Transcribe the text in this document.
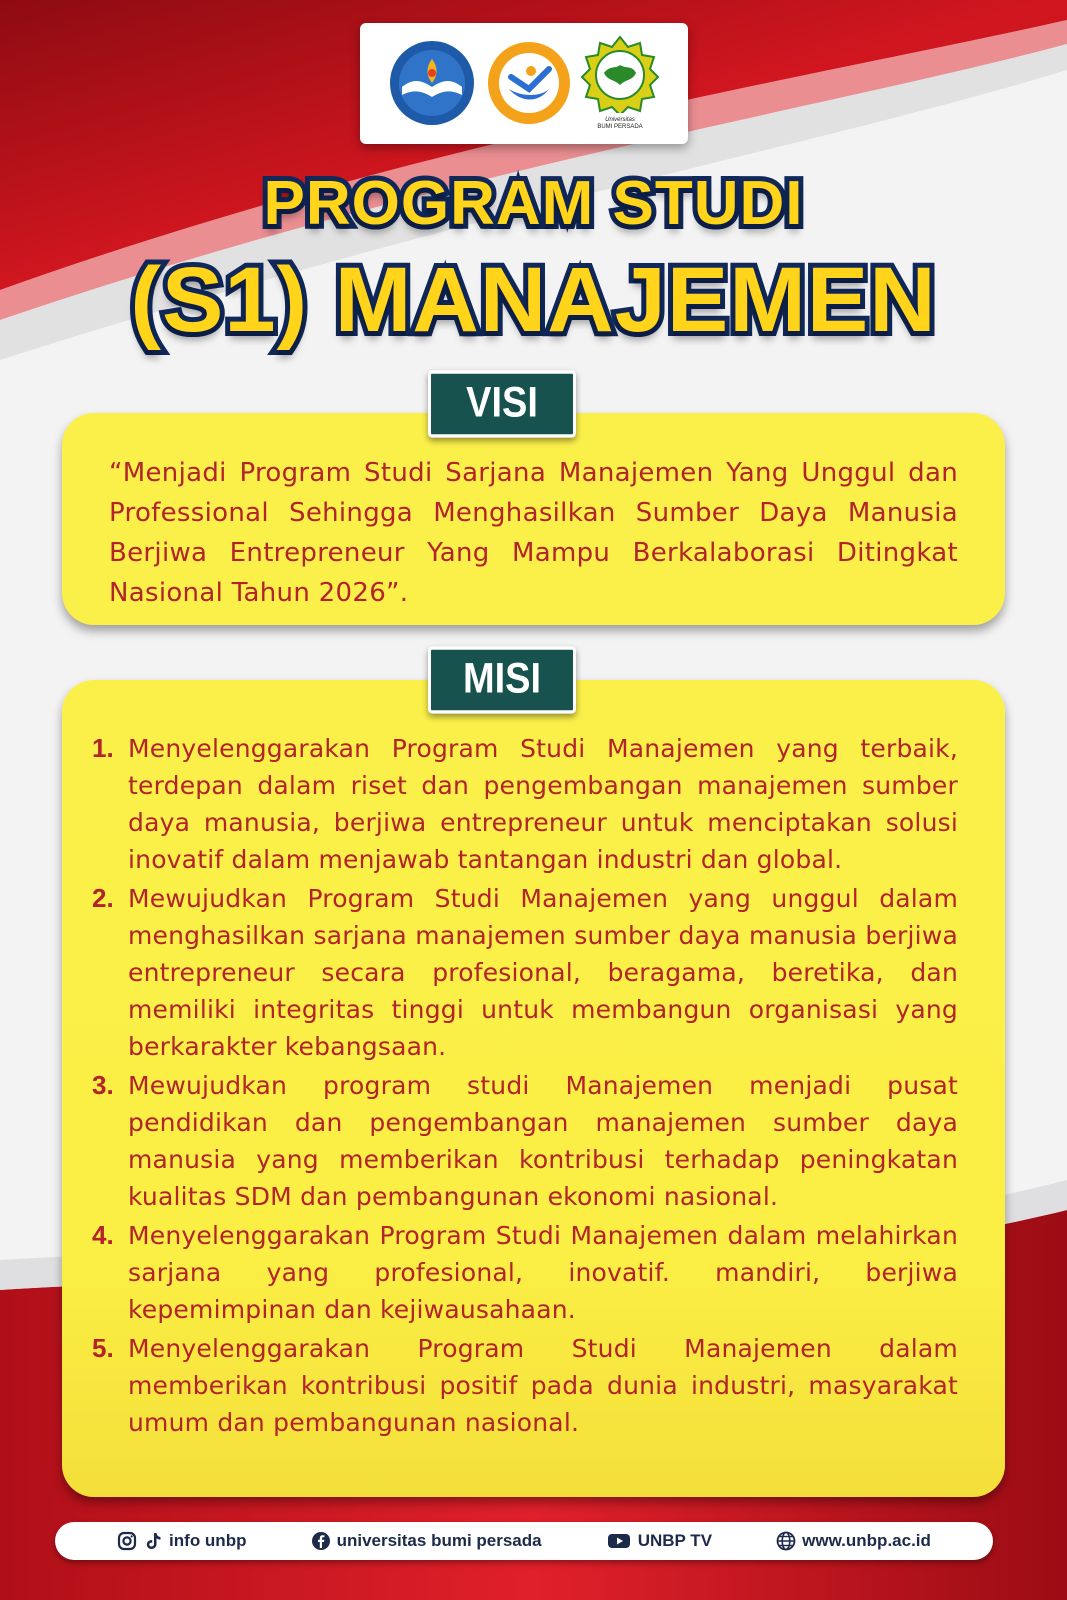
Universitas
BUMI PERSADA
PROGRAM STUDI
(S1) MANAJEMEN
VISI

“Menjadi Program Studi Sarjana Manajemen Yang Unggul dan Professional Sehingga Menghasilkan Sumber Daya Manusia Berjiwa Entrepreneur Yang Mampu Berkalaborasi Ditingkat Nasional Tahun 2026”.

MISI
1. Menyelenggarakan Program Studi Manajemen yang terbaik, terdepan dalam riset dan pengembangan manajemen sumber daya manusia, berjiwa entrepreneur untuk menciptakan solusi inovatif dalam menjawab tantangan industri dan global.
2. Mewujudkan Program Studi Manajemen yang unggul dalam menghasilkan sarjana manajemen sumber daya manusia berjiwa entrepreneur secara profesional, beragama, beretika, dan memiliki integritas tinggi untuk membangun organisasi yang berkarakter kebangsaan.
3. Mewujudkan program studi Manajemen menjadi pusat pendidikan dan pengembangan manajemen sumber daya manusia yang memberikan kontribusi terhadap peningkatan kualitas SDM dan pembangunan ekonomi nasional.
4. Menyelenggarakan Program Studi Manajemen dalam melahirkan sarjana yang profesional, inovatif. mandiri, berjiwa kepemimpinan dan kejiwausahaan.
5. Menyelenggarakan Program Studi Manajemen dalam memberikan kontribusi positif pada dunia industri, masyarakat umum dan pembangunan nasional.
info unbp	universitas bumi persada	UNBP TV	www.unbp.ac.id
